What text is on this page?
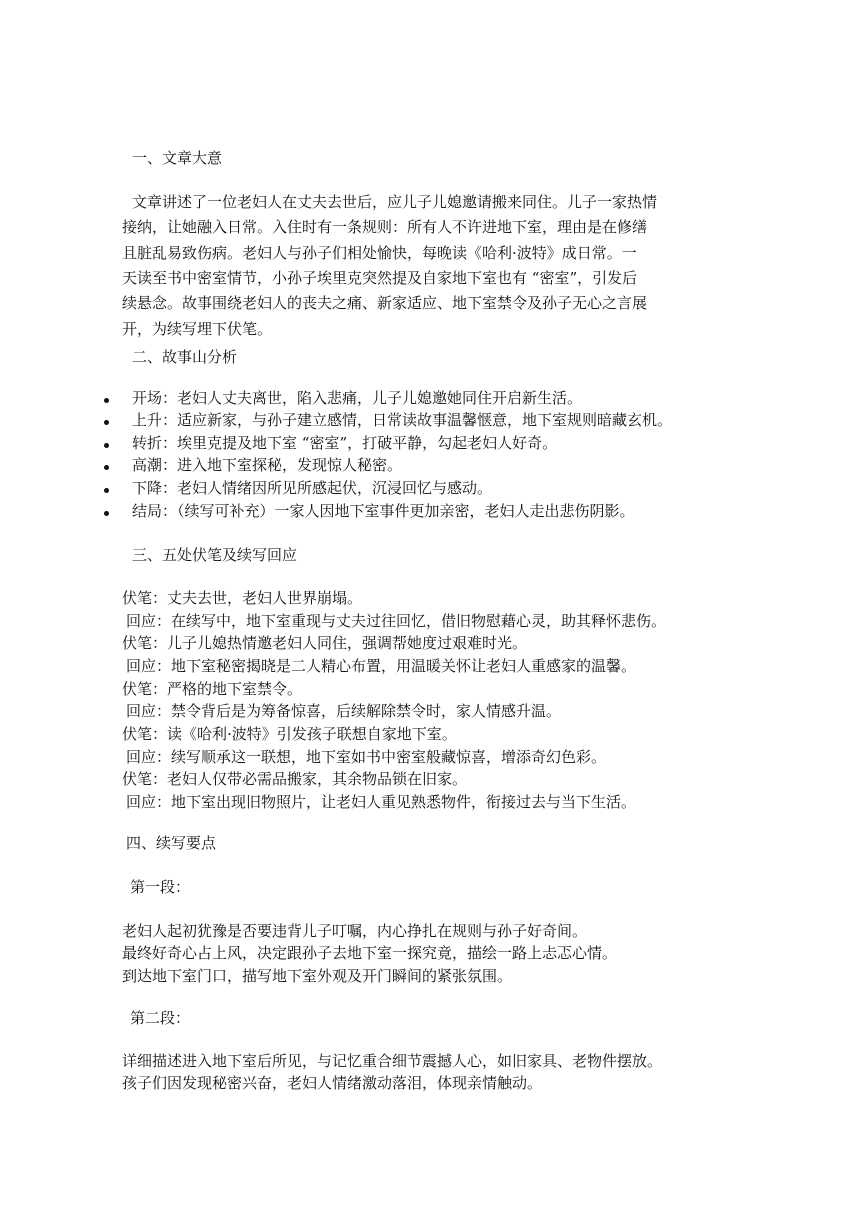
一、文章大意
文章讲述了一位老妇人在丈夫去世后，应儿子儿媳邀请搬来同住。儿子一家热情
接纳，让她融入日常。入住时有一条规则：所有人不许进地下室，理由是在修缮
且脏乱易致伤病。老妇人与孙子们相处愉快，每晚读《哈利·波特》成日常。一
天读至书中密室情节，小孙子埃里克突然提及自家地下室也有 “密室”，引发后
续悬念。故事围绕老妇人的丧夫之痛、新家适应、地下室禁令及孙子无心之言展
开，为续写埋下伏笔。
二、故事山分析
开场：老妇人丈夫离世，陷入悲痛，儿子儿媳邀她同住开启新生活。
上升：适应新家，与孙子建立感情，日常读故事温馨惬意，地下室规则暗藏玄机。
转折：埃里克提及地下室 “密室”，打破平静，勾起老妇人好奇。
高潮：进入地下室探秘，发现惊人秘密。
下降：老妇人情绪因所见所感起伏，沉浸回忆与感动。
结局：（续写可补充）一家人因地下室事件更加亲密，老妇人走出悲伤阴影。
三、五处伏笔及续写回应
伏笔：丈夫去世，老妇人世界崩塌。
回应：在续写中，地下室重现与丈夫过往回忆，借旧物慰藉心灵，助其释怀悲伤。
伏笔：儿子儿媳热情邀老妇人同住，强调帮她度过艰难时光。
回应：地下室秘密揭晓是二人精心布置，用温暖关怀让老妇人重感家的温馨。
伏笔：严格的地下室禁令。
回应：禁令背后是为筹备惊喜，后续解除禁令时，家人情感升温。
伏笔：读《哈利·波特》引发孩子联想自家地下室。
回应：续写顺承这一联想，地下室如书中密室般藏惊喜，增添奇幻色彩。
伏笔：老妇人仅带必需品搬家，其余物品锁在旧家。
回应：地下室出现旧物照片，让老妇人重见熟悉物件，衔接过去与当下生活。
四、续写要点
第一段：
老妇人起初犹豫是否要违背儿子叮嘱，内心挣扎在规则与孙子好奇间。
最终好奇心占上风，决定跟孙子去地下室一探究竟，描绘一路上忐忑心情。
到达地下室门口，描写地下室外观及开门瞬间的紧张氛围。
第二段：
详细描述进入地下室后所见，与记忆重合细节震撼人心，如旧家具、老物件摆放。
孩子们因发现秘密兴奋，老妇人情绪激动落泪，体现亲情触动。
